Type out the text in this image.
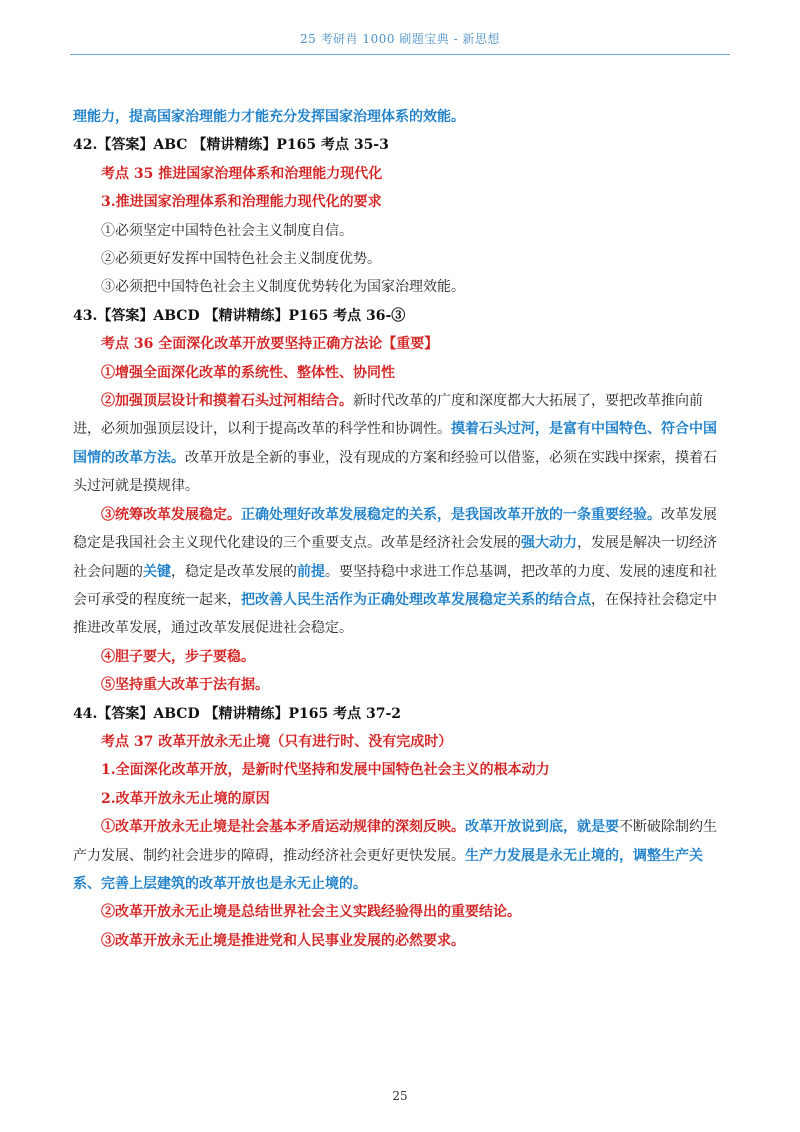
25 考研肖 1000 刷题宝典 - 新思想

理能力，提高国家治理能力才能充分发挥国家治理体系的效能。

42.【答案】ABC 【精讲精练】P165 考点 35-3

考点 35 推进国家治理体系和治理能力现代化

3.推进国家治理体系和治理能力现代化的要求

①必须坚定中国特色社会主义制度自信。

②必须更好发挥中国特色社会主义制度优势。

③必须把中国特色社会主义制度优势转化为国家治理效能。

43.【答案】ABCD 【精讲精练】P165 考点 36-③

考点 36 全面深化改革开放要坚持正确方法论【重要】

①增强全面深化改革的系统性、整体性、协同性

②加强顶层设计和摸着石头过河相结合。新时代改革的广度和深度都大大拓展了，要把改革推向前进，必须加强顶层设计，以利于提高改革的科学性和协调性。摸着石头过河，是富有中国特色、符合中国国情的改革方法。改革开放是全新的事业，没有现成的方案和经验可以借鉴，必须在实践中探索，摸着石头过河就是摸规律。

③统筹改革发展稳定。正确处理好改革发展稳定的关系，是我国改革开放的一条重要经验。改革发展稳定是我国社会主义现代化建设的三个重要支点。改革是经济社会发展的强大动力，发展是解决一切经济社会问题的关键，稳定是改革发展的前提。要坚持稳中求进工作总基调，把改革的力度、发展的速度和社会可承受的程度统一起来，把改善人民生活作为正确处理改革发展稳定关系的结合点，在保持社会稳定中推进改革发展，通过改革发展促进社会稳定。

④胆子要大，步子要稳。

⑤坚持重大改革于法有据。

44.【答案】ABCD 【精讲精练】P165 考点 37-2

考点 37 改革开放永无止境（只有进行时、没有完成时）

1.全面深化改革开放，是新时代坚持和发展中国特色社会主义的根本动力

2.改革开放永无止境的原因

①改革开放永无止境是社会基本矛盾运动规律的深刻反映。改革开放说到底，就是要不断破除制约生产力发展、制约社会进步的障碍，推动经济社会更好更快发展。生产力发展是永无止境的，调整生产关系、完善上层建筑的改革开放也是永无止境的。

②改革开放永无止境是总结世界社会主义实践经验得出的重要结论。

③改革开放永无止境是推进党和人民事业发展的必然要求。

25
